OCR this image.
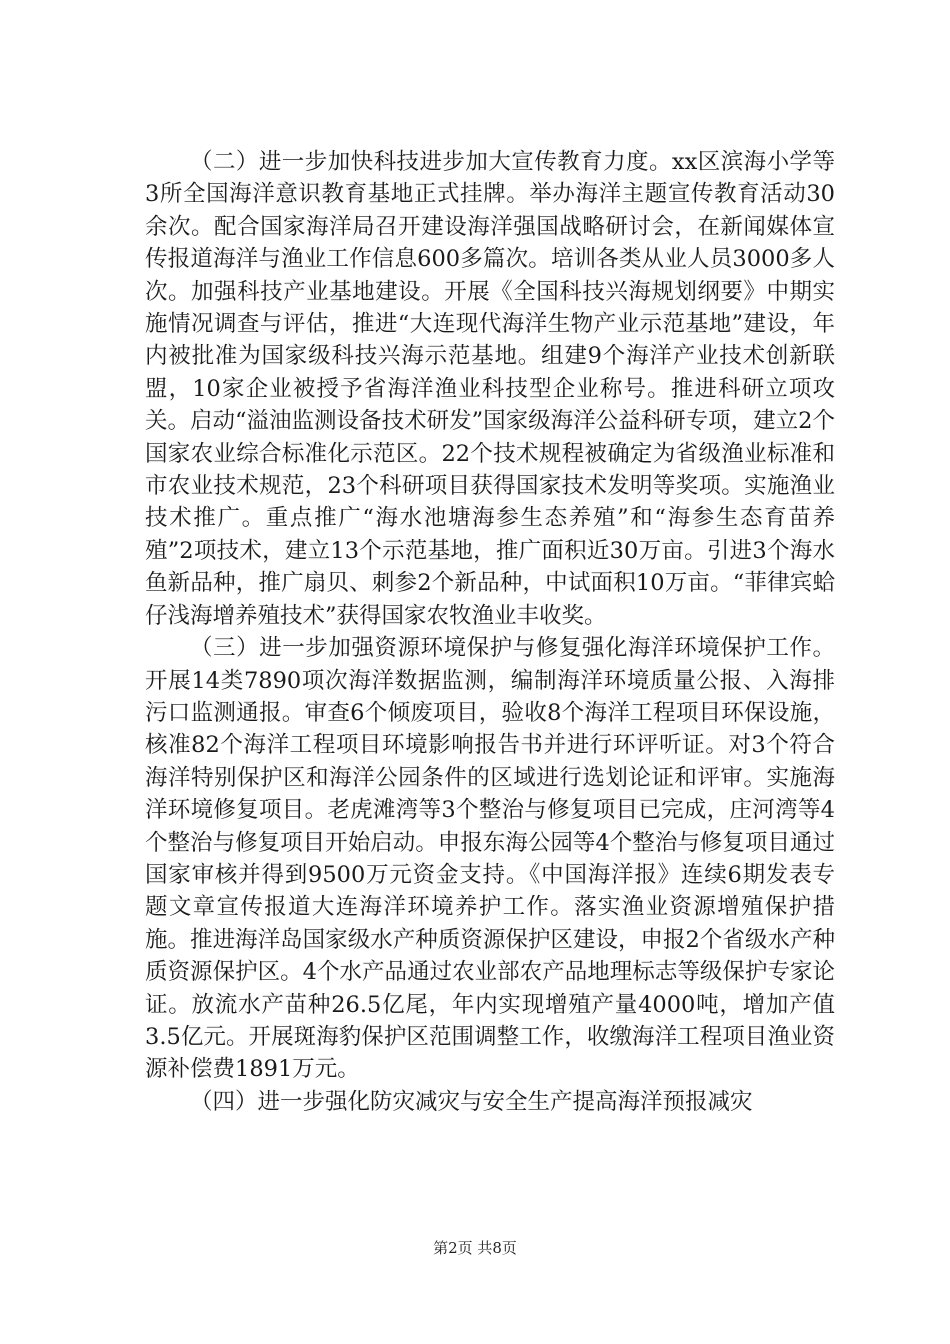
（二）进一步加快科技进步加大宣传教育力度。xx区滨海小学等3所全国海洋意识教育基地正式挂牌。举办海洋主题宣传教育活动30余次。配合国家海洋局召开建设海洋强国战略研讨会，在新闻媒体宣传报道海洋与渔业工作信息600多篇次。培训各类从业人员3000多人次。加强科技产业基地建设。开展《全国科技兴海规划纲要》中期实施情况调查与评估，推进“大连现代海洋生物产业示范基地”建设，年内被批准为国家级科技兴海示范基地。组建9个海洋产业技术创新联盟，10家企业被授予省海洋渔业科技型企业称号。推进科研立项攻关。启动“溢油监测设备技术研发”国家级海洋公益科研专项，建立2个国家农业综合标准化示范区。22个技术规程被确定为省级渔业标准和市农业技术规范，23个科研项目获得国家技术发明等奖项。实施渔业技术推广。重点推广“海水池塘海参生态养殖”和“海参生态育苗养殖”2项技术，建立13个示范基地，推广面积近30万亩。引进3个海水鱼新品种，推广扇贝、刺参2个新品种，中试面积10万亩。“菲律宾蛤仔浅海增养殖技术”获得国家农牧渔业丰收奖。

（三）进一步加强资源环境保护与修复强化海洋环境保护工作。开展14类7890项次海洋数据监测，编制海洋环境质量公报、入海排污口监测通报。审查6个倾废项目，验收8个海洋工程项目环保设施，核准82个海洋工程项目环境影响报告书并进行环评听证。对3个符合海洋特别保护区和海洋公园条件的区域进行选划论证和评审。实施海洋环境修复项目。老虎滩湾等3个整治与修复项目已完成，庄河湾等4个整治与修复项目开始启动。申报东海公园等4个整治与修复项目通过国家审核并得到9500万元资金支持。《中国海洋报》连续6期发表专题文章宣传报道大连海洋环境养护工作。落实渔业资源增殖保护措施。推进海洋岛国家级水产种质资源保护区建设，申报2个省级水产种质资源保护区。4个水产品通过农业部农产品地理标志等级保护专家论证。放流水产苗种26.5亿尾，年内实现增殖产量4000吨，增加产值3.5亿元。开展斑海豹保护区范围调整工作，收缴海洋工程项目渔业资源补偿费1891万元。

（四）进一步强化防灾减灾与安全生产提高海洋预报减灾

第2页 共8页
